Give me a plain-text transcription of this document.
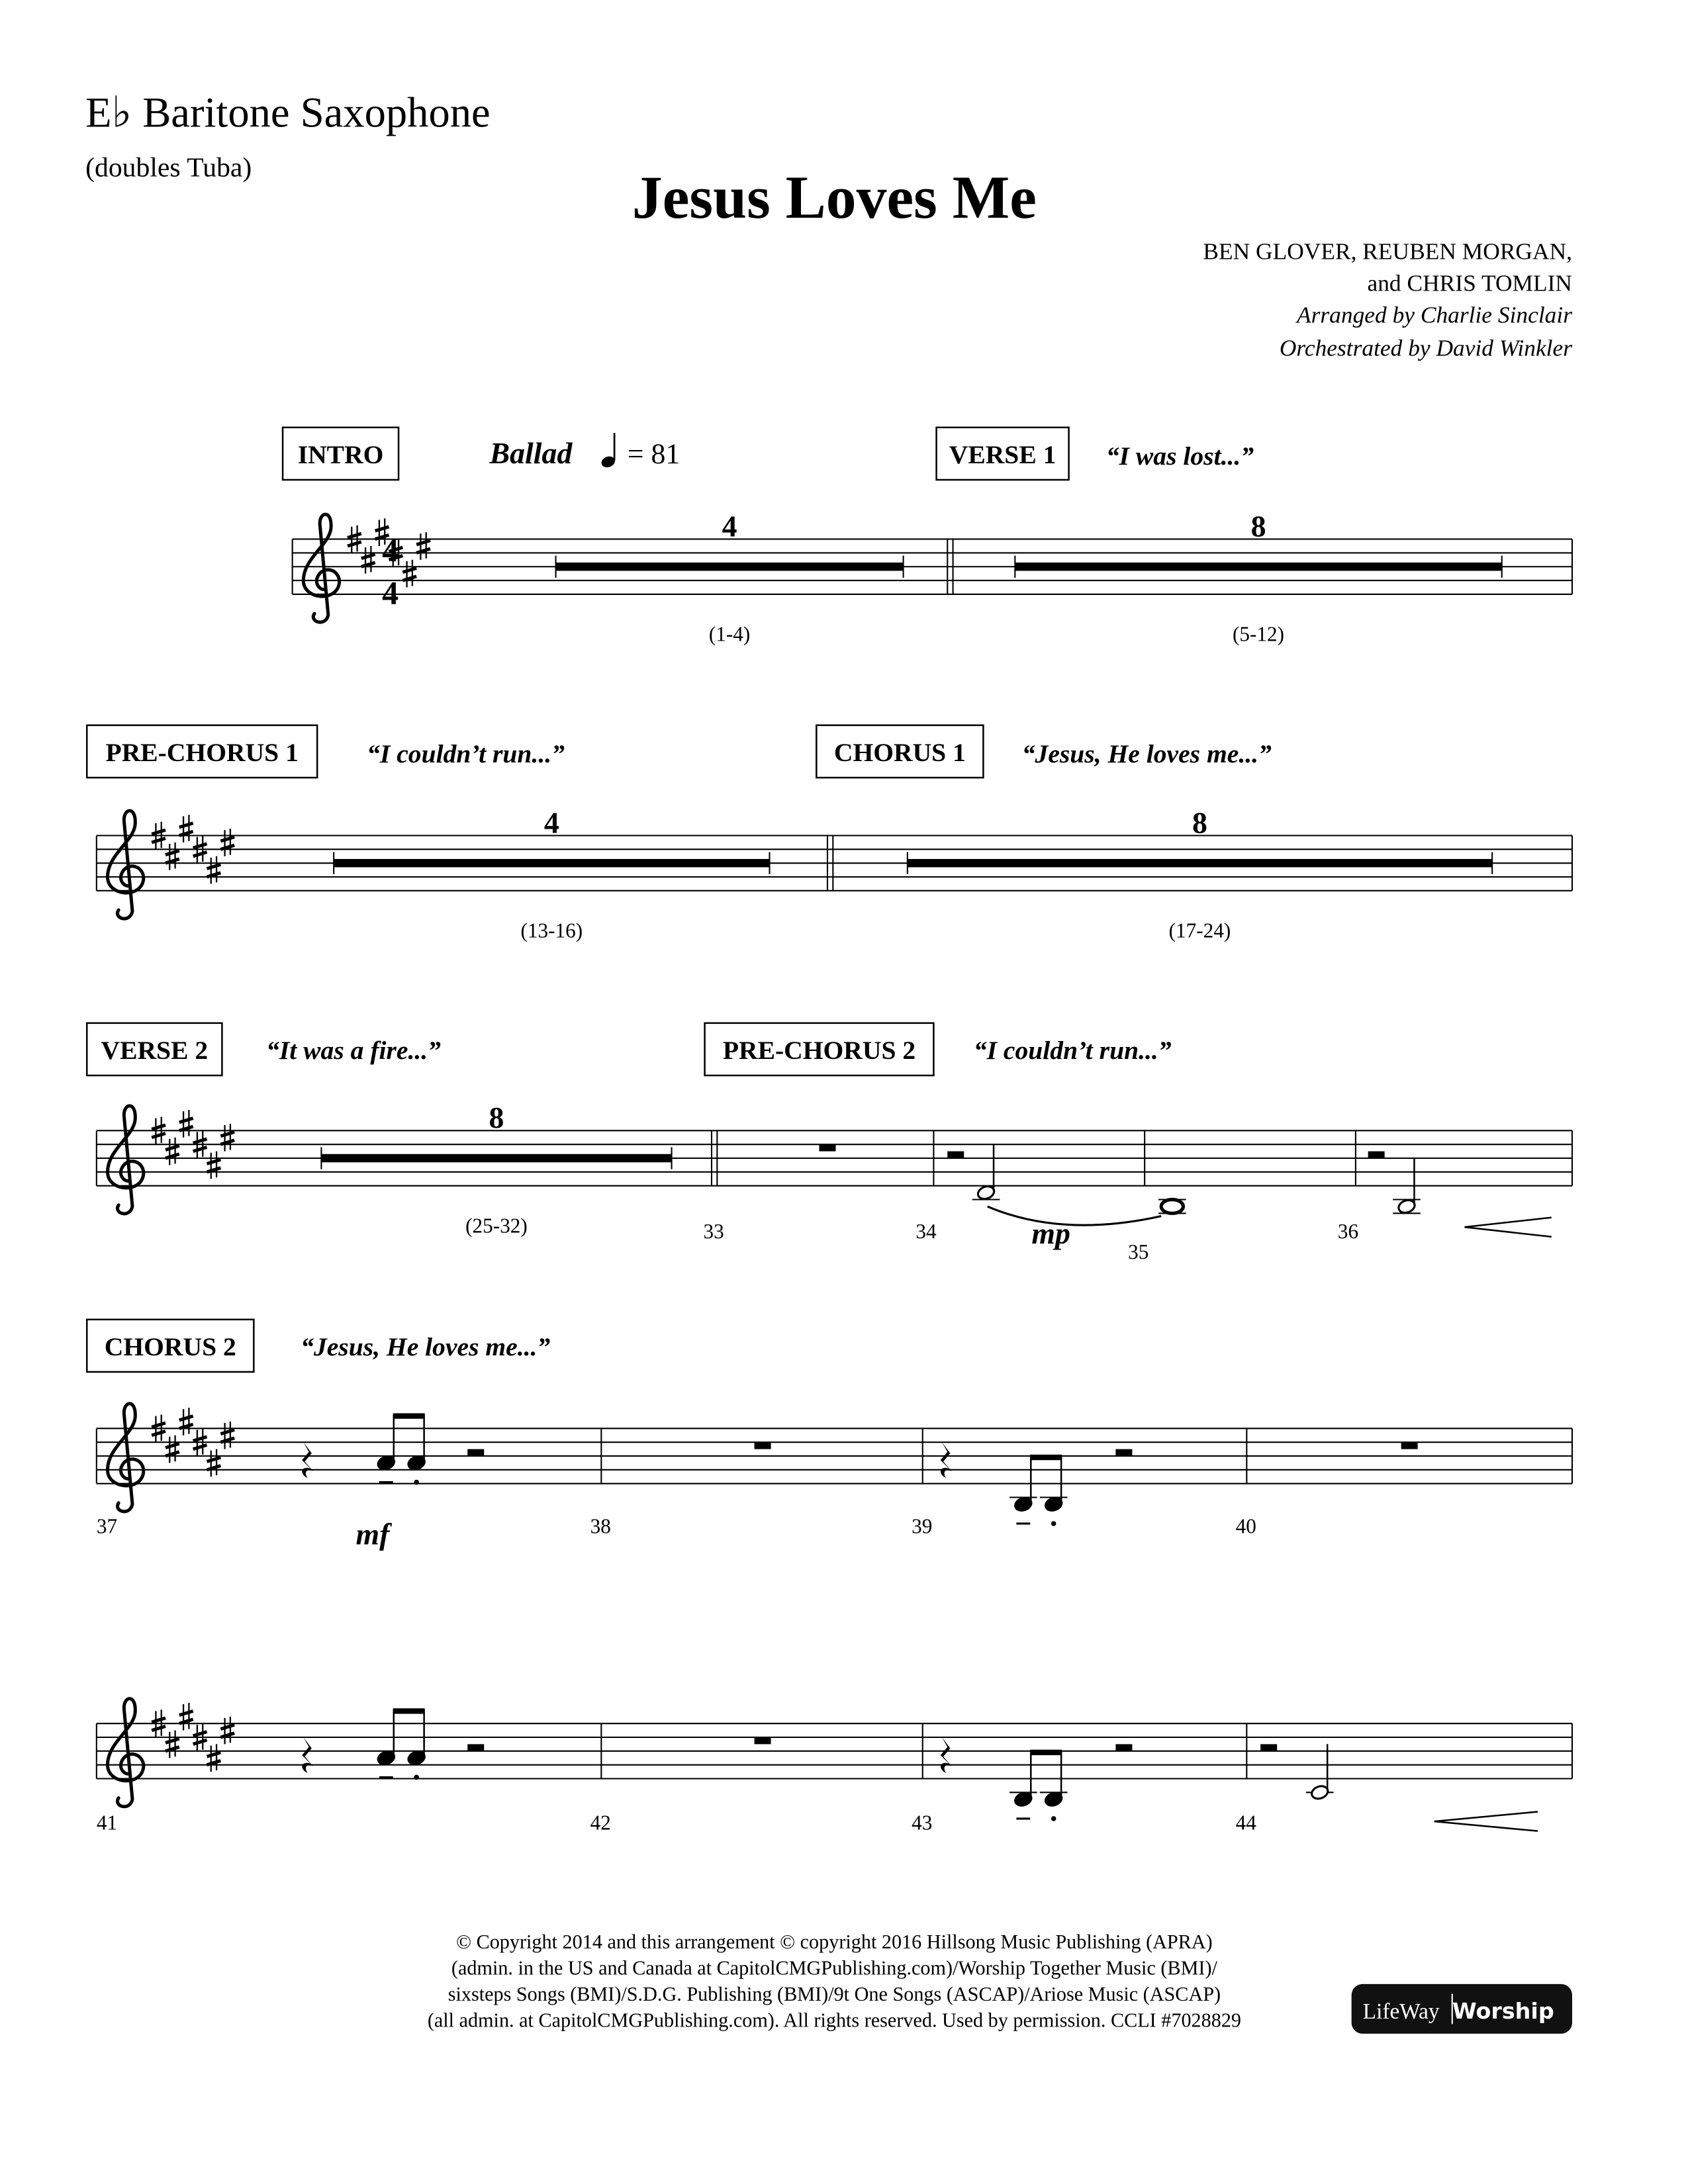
E♭ Baritone Saxophone
(doubles Tuba)	Jesus Loves Me
BEN GLOVER, REUBEN MORGAN,
and CHRIS TOMLIN
Arranged by Charlie Sinclair
Orchestrated by David Winkler
Ballad	= 81
INTRO	VERSE 1	“I was lost...”
4
4
4
(1-4)
8
(5-12)
PRE-CHORUS 1	“I couldn’t run...”	CHORUS 1	“Jesus, He loves me...”
4
(13-16)
8
(17-24)
VERSE 2	“It was a fire...”	PRE-CHORUS 2	“I couldn’t run...”
8
(25-32)	mp
33	34
35
36
CHORUS 2	“Jesus, He loves me...”
mf
37	38	39	40
41	42	43	44
© Copyright 2014 and this arrangement © copyright 2016 Hillsong Music Publishing (APRA)
(admin. in the US and Canada at CapitolCMGPublishing.com)/Worship Together Music (BMI)/
sixsteps Songs (BMI)/S.D.G. Publishing (BMI)/9t One Songs (ASCAP)/Ariose Music (ASCAP)
(all admin. at CapitolCMGPublishing.com). All rights reserved. Used by permission. CCLI #7028829	LifeWay Worship
